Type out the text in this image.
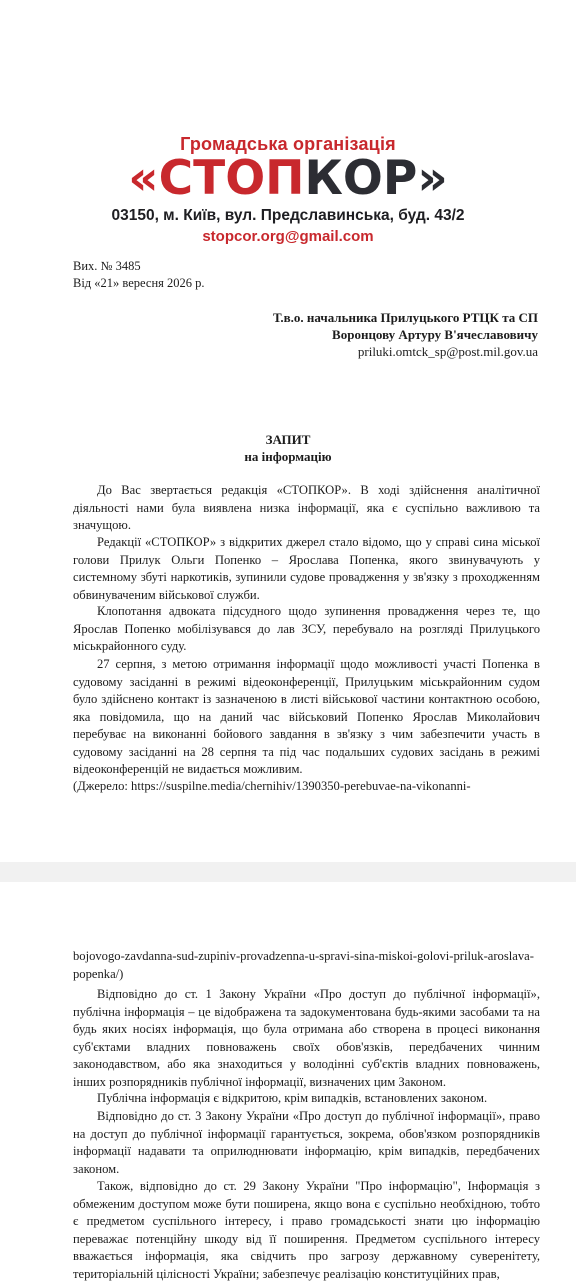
Громадська організація
«СТОПКОР»
03150, м. Київ, вул. Предславинська, буд. 43/2
stopcor.org@gmail.com
Вих. № 3485
Від «21» вересня 2026 р.
Т.в.о. начальника Прилуцького РТЦК та СП
Воронцову Артуру В'ячеславовичу
priluki.omtck_sp@post.mil.gov.ua
ЗАПИТ
на інформацію
До Вас звертається редакція «СТОПКОР». В ході здійснення аналітичної діяльності нами була виявлена низка інформації, яка є суспільно важливою та значущою.
Редакції «СТОПКОР» з відкритих джерел стало відомо, що у справі сина міської голови Прилук Ольги Попенко – Ярослава Попенка, якого звинувачують у системному збуті наркотиків, зупинили судове провадження у зв'язку з проходженням обвинуваченим військової служби.
Клопотання адвоката підсудного щодо зупинення провадження через те, що Ярослав Попенко мобілізувався до лав ЗСУ, перебувало на розгляді Прилуцького міськрайонного суду.
27 серпня, з метою отримання інформації щодо можливості участі Попенка в судовому засіданні в режимі відеоконференції, Прилуцьким міськрайонним судом було здійснено контакт із зазначеною в листі військової частини контактною особою, яка повідомила, що на даний час військовий Попенко Ярослав Миколайович перебуває на виконанні бойового завдання в зв'язку з чим забезпечити участь в судовому засіданні на 28 серпня та під час подальших судових засідань в режимі відеоконференцій не видається можливим.
(Джерело: https://suspilne.media/chernihiv/1390350-perebuvae-na-vikonanni-
bojovogo-zavdanna-sud-zupiniv-provadzenna-u-spravi-sina-miskoi-golovi-priluk-aroslava-popenka/)
Відповідно до ст. 1 Закону України «Про доступ до публічної інформації», публічна інформація – це відображена та задокументована будь-якими засобами та на будь яких носіях інформація, що була отримана або створена в процесі виконання суб'єктами владних повноважень своїх обов'язків, передбачених чинним законодавством, або яка знаходиться у володінні суб'єктів владних повноважень, інших розпорядників публічної інформації, визначених цим Законом.
Публічна інформація є відкритою, крім випадків, встановлених законом.
Відповідно до ст. 3 Закону України «Про доступ до публічної інформації», право на доступ до публічної інформації гарантується, зокрема, обов'язком розпорядників інформації надавати та оприлюднювати інформацію, крім випадків, передбачених законом.
Також, відповідно до ст. 29 Закону України "Про інформацію", Інформація з обмеженим доступом може бути поширена, якщо вона є суспільно необхідною, тобто є предметом суспільного інтересу, і право громадськості знати цю інформацію переважає потенційну шкоду від її поширення. Предметом суспільного інтересу вважається інформація, яка свідчить про загрозу державному суверенітету, територіальній цілісності України; забезпечує реалізацію конституційних прав,
